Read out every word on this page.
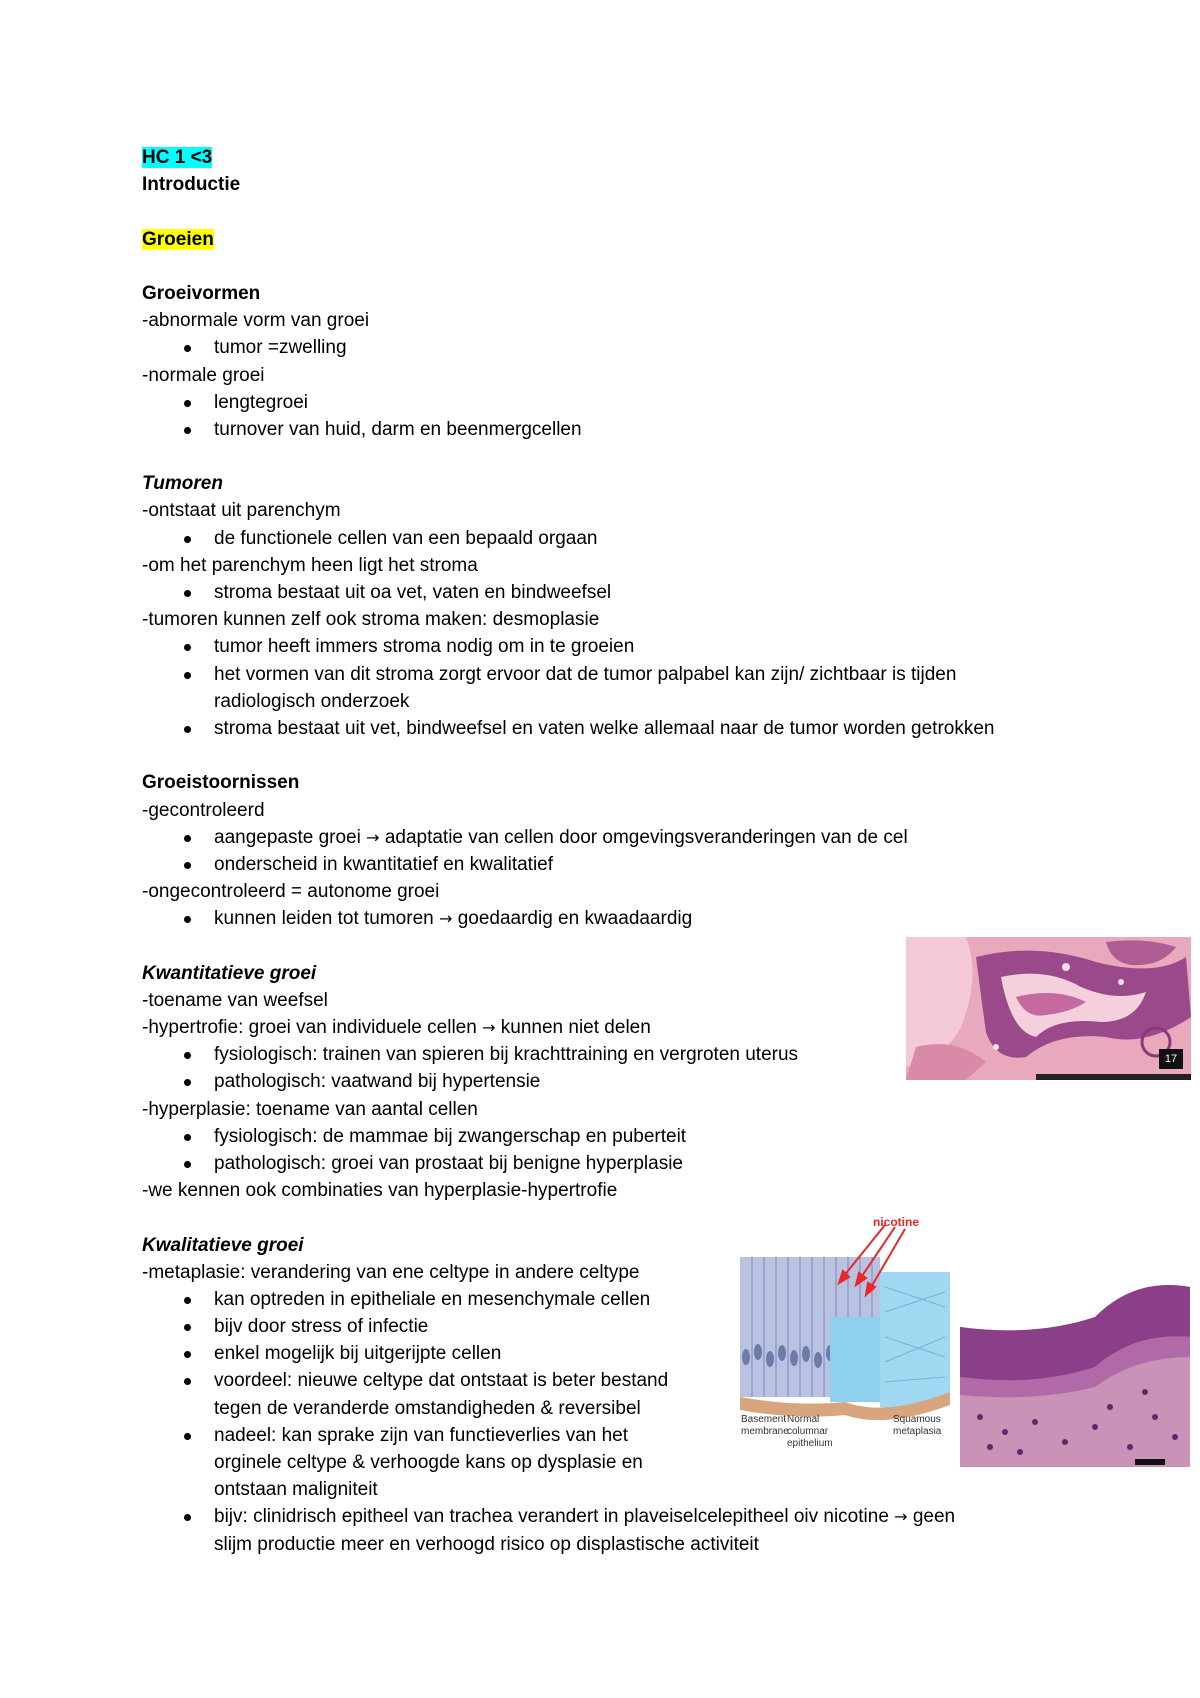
HC 1 <3
Introductie
Groeien
Groeivormen
-abnormale vorm van groei
tumor =zwelling
-normale groei
lengtegroei
turnover van huid, darm en beenmergcellen
Tumoren
-ontstaat uit parenchym
de functionele cellen van een bepaald orgaan
-om het parenchym heen ligt het stroma
stroma bestaat uit oa vet, vaten en bindweefsel
-tumoren kunnen zelf ook stroma maken: desmoplasie
tumor heeft immers stroma nodig om in te groeien
het vormen van dit stroma zorgt ervoor dat de tumor palpabel kan zijn/ zichtbaar is tijden
radiologisch onderzoek
stroma bestaat uit vet, bindweefsel en vaten welke allemaal naar de tumor worden getrokken
Groeistoornissen
-gecontroleerd
aangepaste groei → adaptatie van cellen door omgevingsveranderingen van de cel
onderscheid in kwantitatief en kwalitatief
-ongecontroleerd = autonome groei
kunnen leiden tot tumoren → goedaardig en kwaadaardig
Kwantitatieve groei
-toename van weefsel
-hypertrofie: groei van individuele cellen → kunnen niet delen
fysiologisch: trainen van spieren bij krachttraining en vergroten uterus
pathologisch: vaatwand bij hypertensie
-hyperplasie: toename van aantal cellen
fysiologisch: de mammae bij zwangerschap en puberteit
pathologisch: groei van prostaat bij benigne hyperplasie
-we kennen ook combinaties van hyperplasie-hypertrofie
Kwalitatieve groei
-metaplasie: verandering van ene celtype in andere celtype
kan optreden in epitheliale en mesenchymale cellen
bijv door stress of infectie
enkel mogelijk bij uitgerijpte cellen
voordeel: nieuwe celtype dat ontstaat is beter bestand
tegen de veranderde omstandigheden & reversibel
nadeel: kan sprake zijn van functieverlies van het
orginele celtype & verhoogde kans op dysplasie en
ontstaan maligniteit
bijv: clinidrisch epitheel van trachea verandert in plaveiselcelepitheel oiv nicotine → geen
slijm productie meer en verhoogd risico op displastische activiteit
17
nicotine
Basement
membrane
Normal
columnar
epithelium
Squamous
metaplasia
